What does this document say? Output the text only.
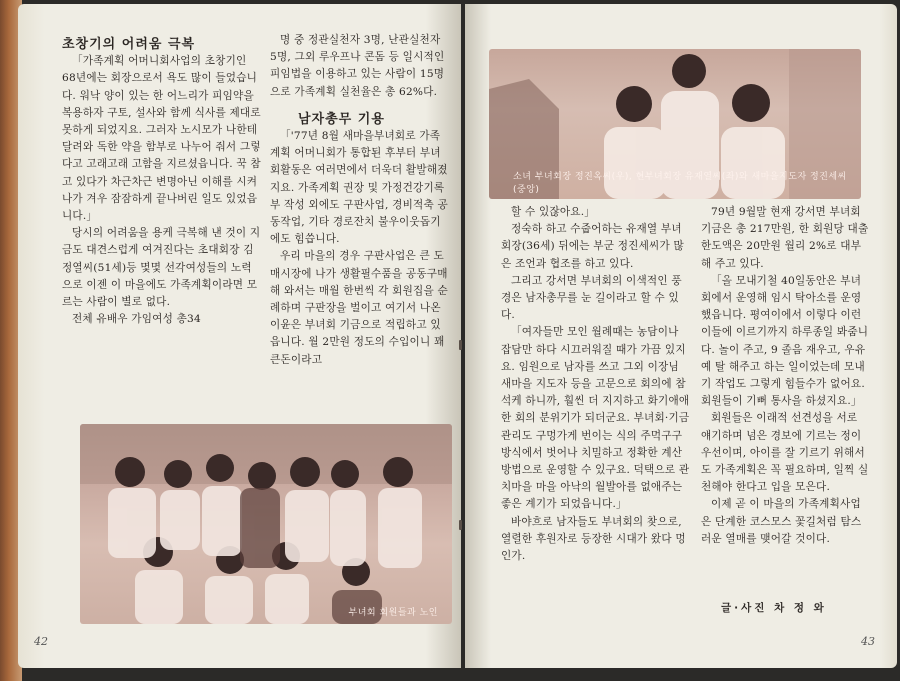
초창기의 어려움 극복

「가족계획 어머니회사업의 초창기인 68년에는 회장으로서 욕도 많이 들었습니다. 워낙 양이 있는 한 어느리가 피임약을 복용하자 구토, 설사와 함께 식사를 제대로 못하게 되었지요. 그러자 노시모가 나한테 달려와 독한 약을 함부로 나누어 줘서 그렇다고 고래고래 고함을 지르셨읍니다. 꾹 참고 있다가 차근차근 변명아닌 이해를 시켜나가 겨우 잠잠하게 끝나버린 일도 있었읍니다.」

당시의 어려움을 용케 극복해 낸 것이 지금도 대견스럽게 여겨진다는 초대회장 김정열씨(51세)등 몇몇 선각여성들의 노력으로 이젠 이 마을에도 가족계획이라면 모르는 사람이 별로 없다.

전체 유배우 가임여성 총34

명 중 정관실천자 3명, 난관실천자 5명, 그외 루우프나 콘돔 등 일시적인 피임법을 이용하고 있는 사람이 15명으로 가족계획 실천율은 총 62%다.

남자총무 기용

「'77년 8월 새마을부녀회로 가족계획 어머니회가 통합된 후부터 부녀회활동은 여러면에서 더욱더 활발해졌지요. 가족계획 권장 및 가정건강기록부 작성 외에도 구판사업, 경비적축 공동작업, 기타 경로잔치 불우이웃돕기에도 힘씁니다.

우리 마을의 경우 구판사업은 큰 도매시장에 나가 생활필수품을 공동구매해 와서는 매월 한번씩 각 회원집을 순례하며 구판장을 벌이고 여기서 나온 이윤은 부녀회 기금으로 적립하고 있읍니다. 월 2만원 정도의 수입이니 꽤 큰돈이라고

부녀회 회원들과 노인
42
소녀 부녀회장 정진옥씨(우), 현부녀회장 유재열씨(좌)와 새마을지도자 정진세씨(중앙)

할 수 있잖아요.」

정숙하 하고 수줍어하는 유재열 부녀회장(36세) 뒤에는 부군 정진세씨가 많은 조언과 협조를 하고 있다.

그리고 강서면 부녀회의 이색적인 풍경은 남자총무를 눈 길이라고 할 수 있다.

「여자들만 모인 월례때는 농담이나 잡담만 하다 시끄러워질 때가 가끔 있지요. 임원으로 남자를 쓰고 그외 이장님 새마을 지도자 등을 고문으로 회의에 참석케 하니까, 훨씬 더 지지하고 화기애애한 회의 분위기가 되더군요. 부녀회·기금관리도 구멍가게 번이는 식의 주먹구구방식에서 벗어나 치밀하고 정확한 계산방법으로 운영할 수 있구요. 덕택으로 관치마을 마을 아낙의 월발아를 없애주는 좋은 계기가 되었읍니다.」

바야흐로 남자들도 부녀회의 찾으로, 열렬한 후원자로 등장한 시대가 왔다 멍인가.

79년 9월말 현재 강서면 부녀회 기금은 총 217만원, 한 회원당 대출한도액은 20만원 월리 2%로 대부해 주고 있다.

「올 모내기철 40일동안은 부녀회에서 운영해 임시 탁아소를 운영했읍니다. 평여이에서 이렇다 이런이들에 이르기까지 하루종일 봐줌니다. 놀이 주고, 9 졸음 재우고, 우유 예 탈 해주고 하는 일이었는데 모내기 작업도 그렇게 힘들수가 없어요. 회원들이 기뻐 통사을 하셨지요.」

회원들은 이래적 선견성을 서로 얘기하며 넘은 경보에 기르는 정이 우선이며, 아이를 잘 기르기 위해서도 가족계획은 꼭 필요하며, 일찍 실천해야 한다고 입을 모은다.

이제 곧 이 마을의 가족계획사업은 단계한 코스모스 꽃길처럼 탐스러운 열매를 맺어갈 것이다.

글·사진 차 정 와
43
